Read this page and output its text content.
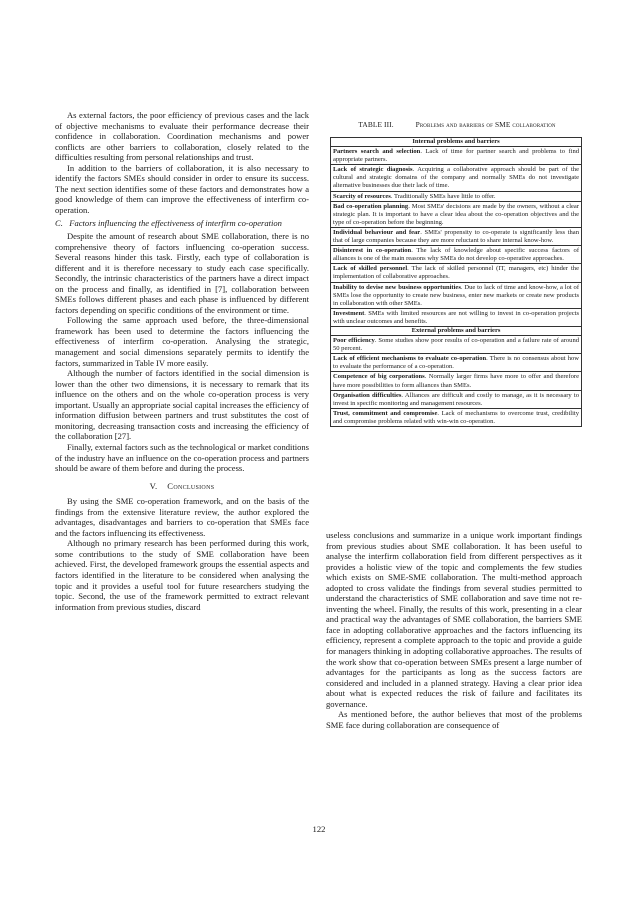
As external factors, the poor efficiency of previous cases and the lack of objective mechanisms to evaluate their performance decrease their confidence in collaboration. Coordination mechanisms and power conflicts are other barriers to collaboration, closely related to the difficulties resulting from personal relationships and trust.

In addition to the barriers of collaboration, it is also necessary to identify the factors SMEs should consider in order to ensure its success. The next section identifies some of these factors and demonstrates how a good knowledge of them can improve the effectiveness of interfirm co-operation.

C. Factors influencing the effectiveness of interfirm co-operation

Despite the amount of research about SME collaboration, there is no comprehensive theory of factors influencing co-operation success. Several reasons hinder this task. Firstly, each type of collaboration is different and it is therefore necessary to study each case specifically. Secondly, the intrinsic characteristics of the partners have a direct impact on the process and finally, as identified in [7], collaboration between SMEs follows different phases and each phase is influenced by different factors depending on specific conditions of the environment or time.

Following the same approach used before, the three-dimensional framework has been used to determine the factors influencing the effectiveness of interfirm co-operation. Analysing the strategic, management and social dimensions separately permits to identify the factors, summarized in Table IV more easily.

Although the number of factors identified in the social dimension is lower than the other two dimensions, it is necessary to remark that its influence on the others and on the whole co-operation process is very important. Usually an appropriate social capital increases the efficiency of information diffusion between partners and trust substitutes the cost of monitoring, decreasing transaction costs and increasing the efficiency of the collaboration [27].

Finally, external factors such as the technological or market conditions of the industry have an influence on the co-operation process and partners should be aware of them before and during the process.

V. Conclusions

By using the SME co-operation framework, and on the basis of the findings from the extensive literature review, the author explored the advantages, disadvantages and barriers to co-operation that SMEs face and the factors influencing its effectiveness.

Although no primary research has been performed during this work, some contributions to the study of SME collaboration have been achieved. First, the developed framework groups the essential aspects and factors identified in the literature to be considered when analysing the topic and it provides a useful tool for future researchers studying the topic. Second, the use of the framework permitted to extract relevant information from previous studies, discard

TABLE III.	Problems and barriers of SME collaboration
Internal problems and barriers
Partners search and selection. Lack of time for partner search and problems to find appropriate partners.
Lack of strategic diagnosis. Acquiring a collaborative approach should be part of the cultural and strategic domains of the company and normally SMEs do not investigate alternative businesses due their lack of time.
Scarcity of resources. Traditionally SMEs have little to offer.
Bad co-operation planning. Most SMEs' decisions are made by the owners, without a clear strategic plan. It is important to have a clear idea about the co-operation objectives and the type of co-operation before the beginning.
Individual behaviour and fear. SMEs' propensity to co-operate is significantly less than that of large companies because they are more reluctant to share internal know-how.
Disinterest in co-operation. The lack of knowledge about specific success factors of alliances is one of the main reasons why SMEs do not develop co-operative approaches.
Lack of skilled personnel. The lack of skilled personnel (IT, managers, etc) hinder the implementation of collaborative approaches.
Inability to devise new business opportunities. Due to lack of time and know-how, a lot of SMEs lose the opportunity to create new business, enter new markets or create new products in collaboration with other SMEs.
Investment. SMEs with limited resources are not willing to invest in co-operation projects with unclear outcomes and benefits.
External problems and barriers
Poor efficiency. Some studies show poor results of co-operation and a failure rate of around 50 percent.
Lack of efficient mechanisms to evaluate co-operation. There is no consensus about how to evaluate the performance of a co-operation.
Competence of big corporations. Normally larger firms have more to offer and therefore have more possibilities to form alliances than SMEs.
Organisation difficulties. Alliances are difficult and costly to manage, as it is necessary to invest in specific monitoring and management resources.
Trust, commitment and compromise. Lack of mechanisms to overcome trust, credibility and compromise problems related with win-win co-operation.

useless conclusions and summarize in a unique work important findings from previous studies about SME collaboration. It has been useful to analyse the interfirm collaboration field from different perspectives as it provides a holistic view of the topic and complements the few studies which exists on SME-SME collaboration. The multi-method approach adopted to cross validate the findings from several studies permitted to understand the characteristics of SME collaboration and save time not re-inventing the wheel. Finally, the results of this work, presenting in a clear and practical way the advantages of SME collaboration, the barriers SME face in adopting collaborative approaches and the factors influencing its efficiency, represent a complete approach to the topic and provide a guide for managers thinking in adopting collaborative approaches. The results of the work show that co-operation between SMEs present a large number of advantages for the participants as long as the success factors are considered and included in a planned strategy. Having a clear prior idea about what is expected reduces the risk of failure and facilitates its governance.

As mentioned before, the author believes that most of the problems SME face during collaboration are consequence of

122
